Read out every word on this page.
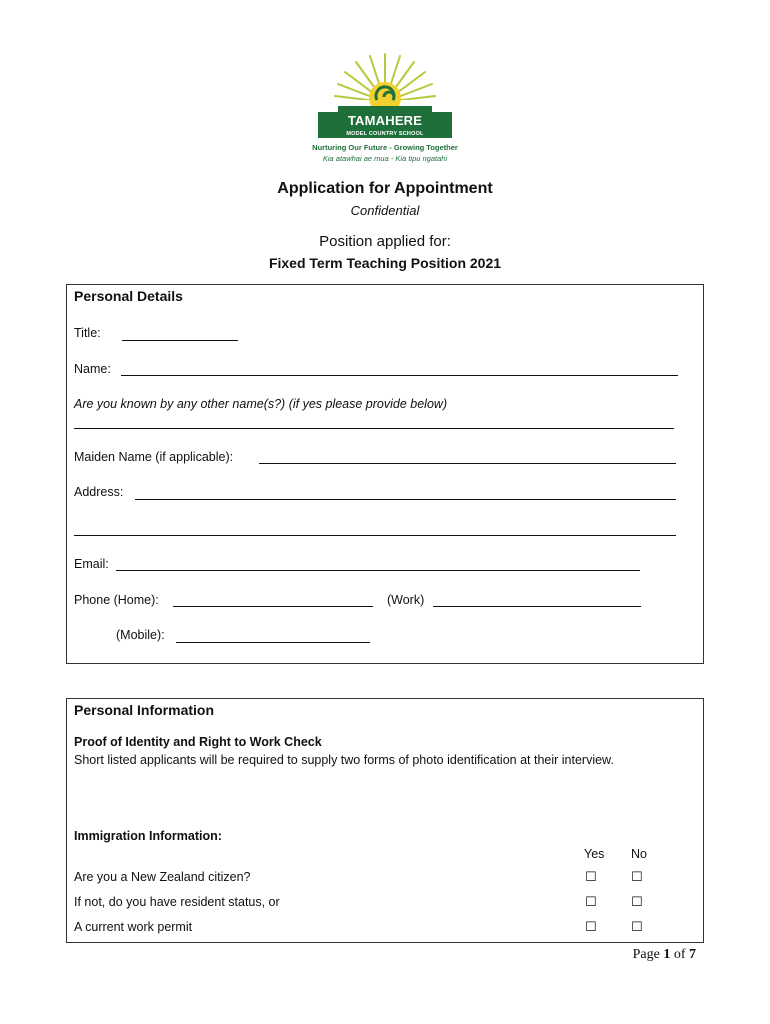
TAMAHERE
MODEL COUNTRY SCHOOL
Nurturing Our Future - Growing Together
Kia atawhai ae mua - Kia tipu ngatahi
Application for Appointment
Confidential
Position applied for:
Fixed Term Teaching Position 2021
Personal Details
Title:
Name:
Are you known by any other name(s?) (if yes please provide below)
Maiden Name (if applicable):
Address:
Email:
Phone (Home):	(Work)
(Mobile):
Personal Information
Proof of Identity and Right to Work Check
Short listed applicants will be required to supply two forms of photo identification at their interview.
Immigration Information:
Yes No
Are you a New Zealand citizen?	☐	☐
If not, do you have resident status, or	☐	☐
A current work permit	☐	☐
Page 1 of 7
